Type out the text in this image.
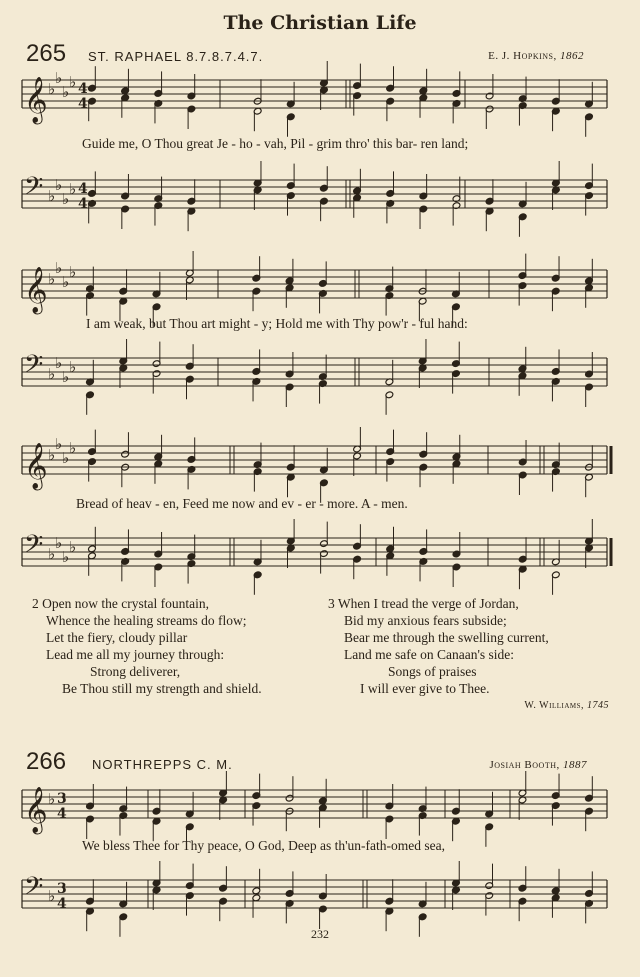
The Christian Life
265 ST. RAPHAEL 8.7.8.7.4.7.	E. J. Hopkins, 1862
𝄞 ♭
♭
♭
♭ 4
4
Guide me, O Thou great Je - ho - vah, Pil - grim thro' this bar- ren land;
𝄢 ♭
♭
♭
♭ 4
4
𝄞 ♭
♭
♭
♭
I am weak, but Thou art might - y; Hold me with Thy pow'r - ful hand:
𝄢 ♭
♭
♭
♭
𝄞 ♭
♭
♭
♭
Bread of heav - en, Feed me now and ev - er - more. A - men.
𝄢 ♭
♭
♭
♭
2 Open now the crystal fountain,
Whence the healing streams do flow;
Let the fiery, cloudy pillar
Lead me all my journey through:
Strong deliverer,
Be Thou still my strength and shield.
3 When I tread the verge of Jordan,
Bid my anxious fears subside;
Bear me through the swelling current,
Land me safe on Canaan's side:
Songs of praises
I will ever give to Thee.
W. Williams, 1745
266 NORTHREPPS C. M.	Josiah Booth, 1887
𝄞 ♭ 3
4
We bless Thee for Thy peace, O God, Deep as th'un-fath-omed sea,
𝄢 ♭ 3
4
232
